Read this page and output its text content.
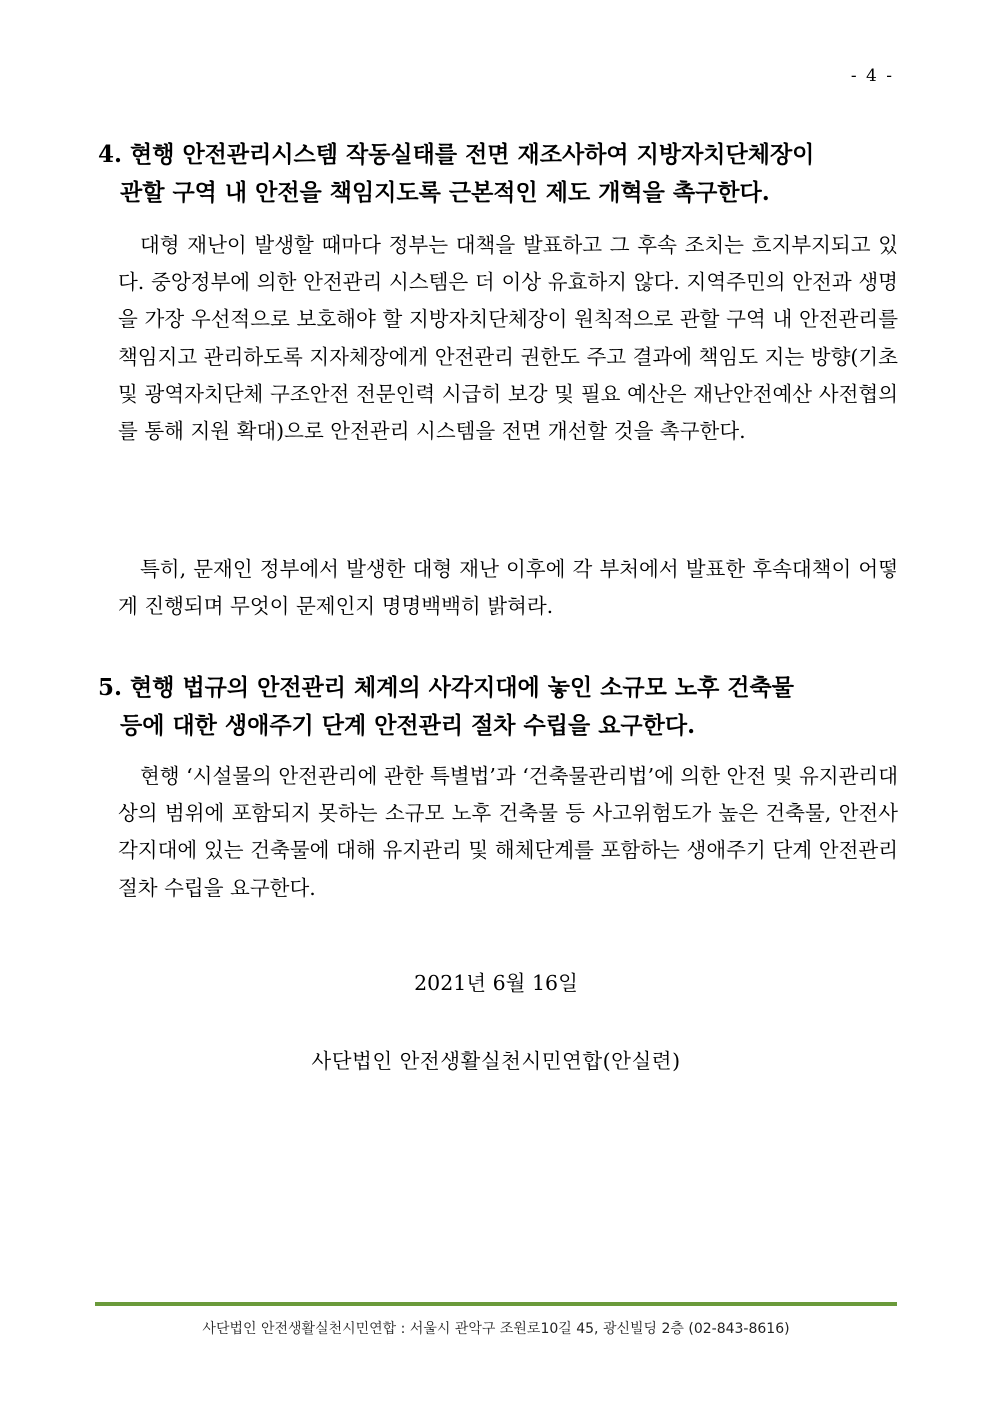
- 4 -
4. 현행 안전관리시스템 작동실태를 전면 재조사하여 지방자치단체장이
관할 구역 내 안전을 책임지도록 근본적인 제도 개혁을 촉구한다.

대형 재난이 발생할 때마다 정부는 대책을 발표하고 그 후속 조치는 흐지부지되고 있다. 중앙정부에 의한 안전관리 시스템은 더 이상 유효하지 않다. 지역주민의 안전과 생명을 가장 우선적으로 보호해야 할 지방자치단체장이 원칙적으로 관할 구역 내 안전관리를 책임지고 관리하도록 지자체장에게 안전관리 권한도 주고 결과에 책임도 지는 방향(기초 및 광역자치단체 구조안전 전문인력 시급히 보강 및 필요 예산은 재난안전예산 사전협의를 통해 지원 확대)으로 안전관리 시스템을 전면 개선할 것을 촉구한다.

특히, 문재인 정부에서 발생한 대형 재난 이후에 각 부처에서 발표한 후속대책이 어떻게 진행되며 무엇이 문제인지 명명백백히 밝혀라.

5. 현행 법규의 안전관리 체계의 사각지대에 놓인 소규모 노후 건축물
등에 대한 생애주기 단계 안전관리 절차 수립을 요구한다.

현행 ‘시설물의 안전관리에 관한 특별법’과 ‘건축물관리법’에 의한 안전 및 유지관리대상의 범위에 포함되지 못하는 소규모 노후 건축물 등 사고위험도가 높은 건축물, 안전사각지대에 있는 건축물에 대해 유지관리 및 해체단계를 포함하는 생애주기 단계 안전관리 절차 수립을 요구한다.

2021년 6월 16일
사단법인 안전생활실천시민연합(안실련)
사단법인 안전생활실천시민연합 : 서울시 관악구 조원로10길 45, 광신빌딩 2층 (02-843-8616)
